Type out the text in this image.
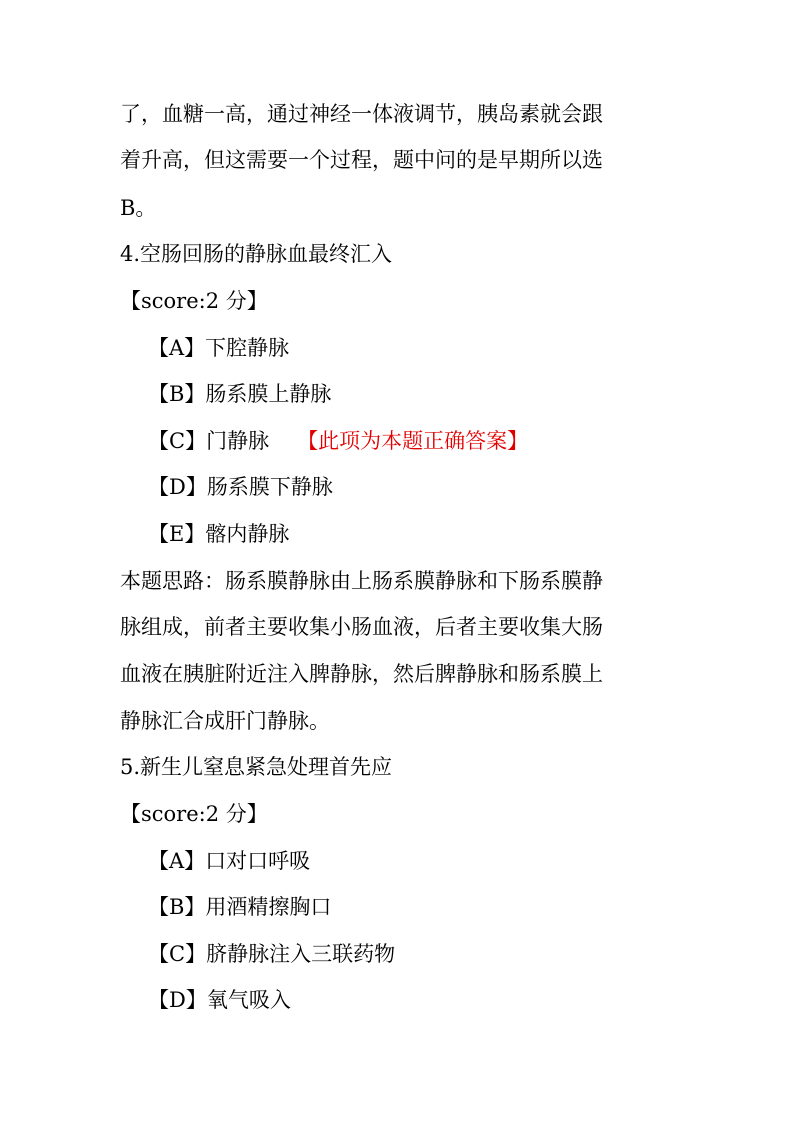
了，血糖一高，通过神经一体液调节，胰岛素就会跟
着升高，但这需要一个过程，题中问的是早期所以选
B。
4.空肠回肠的静脉血最终汇入
【score:2 分】
【A】下腔静脉
【B】肠系膜上静脉
【C】门静脉 【此项为本题正确答案】
【D】肠系膜下静脉
【E】髂内静脉
本题思路：肠系膜静脉由上肠系膜静脉和下肠系膜静
脉组成，前者主要收集小肠血液，后者主要收集大肠
血液在胰脏附近注入脾静脉，然后脾静脉和肠系膜上
静脉汇合成肝门静脉。
5.新生儿窒息紧急处理首先应
【score:2 分】
【A】口对口呼吸
【B】用酒精擦胸口
【C】脐静脉注入三联药物
【D】氧气吸入
